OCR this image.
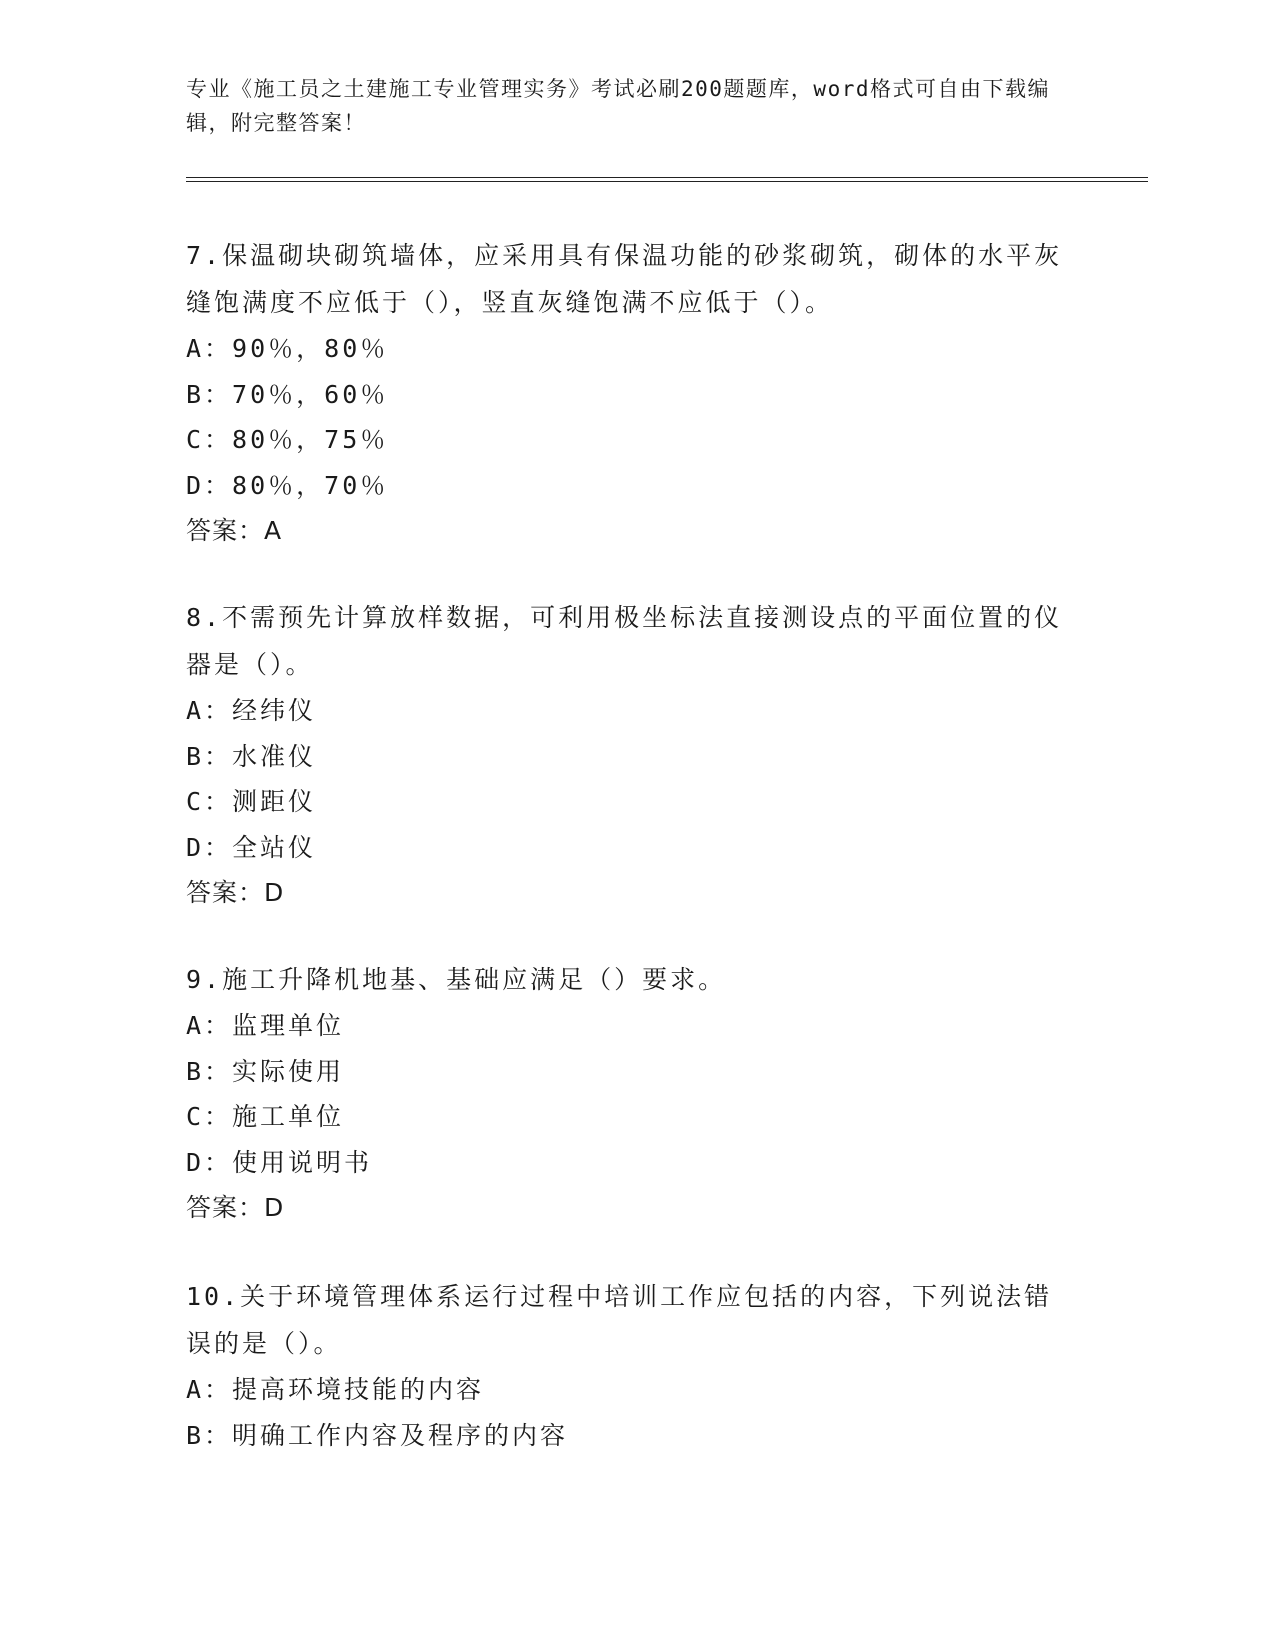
专业《施工员之土建施工专业管理实务》考试必刷200题题库，word格式可自由下载编辑，附完整答案！
7.保温砌块砌筑墙体，应采用具有保温功能的砂浆砌筑，砌体的水平灰缝饱满度不应低于（），竖直灰缝饱满不应低于（）。
A：90％，80％
B：70％，60％
C：80％，75％
D：80％，70％
答案：A
8.不需预先计算放样数据，可利用极坐标法直接测设点的平面位置的仪器是（）。
A：经纬仪
B：水准仪
C：测距仪
D：全站仪
答案：D
9.施工升降机地基、基础应满足（）要求。
A：监理单位
B：实际使用
C：施工单位
D：使用说明书
答案：D
10.关于环境管理体系运行过程中培训工作应包括的内容，下列说法错误的是（）。
A：提高环境技能的内容
B：明确工作内容及程序的内容
